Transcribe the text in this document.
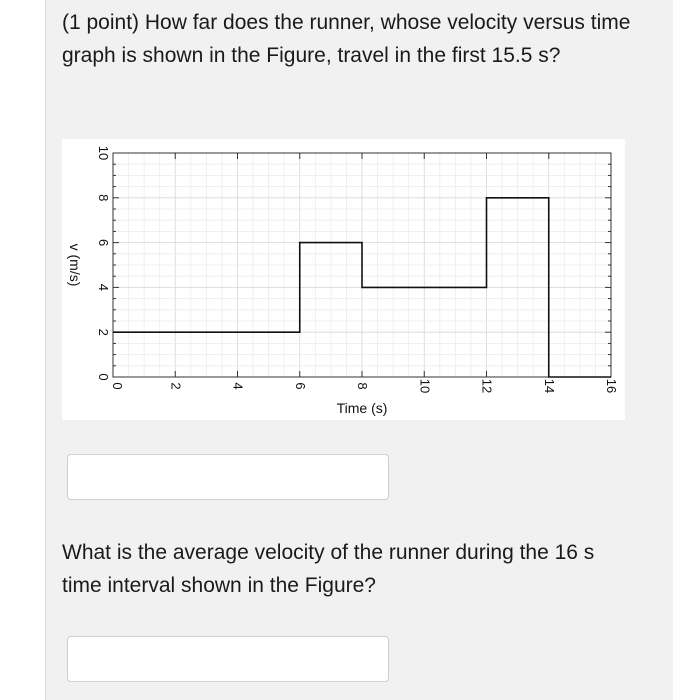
(1 point) How far does the runner, whose velocity versus time graph is shown in the Figure, travel in the first 15.5 s?

Time (s)
v (m/s)
0	2	4	6	8	10	12	14	16
0
2
4
6
8
10

What is the average velocity of the runner during the 16 s time interval shown in the Figure?
